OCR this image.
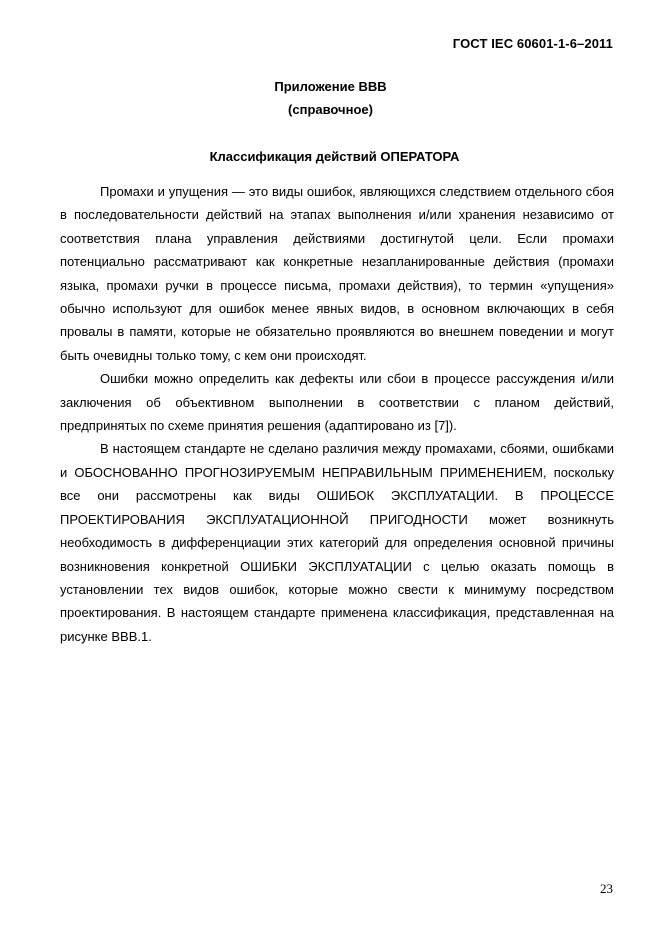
ГОСТ IEC 60601-1-6–2011
Приложение ВВВ
(справочное)
Классификация действий ОПЕРАТОРА

Промахи и упущения — это виды ошибок, являющихся следствием отдельного сбоя в последовательности действий на этапах выполнения и/или хранения независимо от соответствия плана управления действиями достигнутой цели. Если промахи потенциально рассматривают как конкретные незапланированные действия (промахи языка, промахи ручки в процессе письма, промахи действия), то термин «упущения» обычно используют для ошибок менее явных видов, в основном включающих в себя провалы в памяти, которые не обязательно проявляются во внешнем поведении и могут быть очевидны только тому, с кем они происходят.

Ошибки можно определить как дефекты или сбои в процессе рассуждения и/или заключения об объективном выполнении в соответствии с планом действий, предпринятых по схеме принятия решения (адаптировано из [7]).

В настоящем стандарте не сделано различия между промахами, сбоями, ошибками и ОБОСНОВАННО ПРОГНОЗИРУЕМЫМ НЕПРАВИЛЬНЫМ ПРИМЕНЕНИЕМ, поскольку все они рассмотрены как виды ОШИБОК ЭКСПЛУАТАЦИИ. В ПРОЦЕССЕ ПРОЕКТИРОВАНИЯ ЭКСПЛУАТАЦИОННОЙ ПРИГОДНОСТИ может возникнуть необходимость в дифференциации этих категорий для определения основной причины возникновения конкретной ОШИБКИ ЭКСПЛУАТАЦИИ с целью оказать помощь в установлении тех видов ошибок, которые можно свести к минимуму посредством проектирования. В настоящем стандарте применена классификация, представленная на рисунке ВВВ.1.

23
